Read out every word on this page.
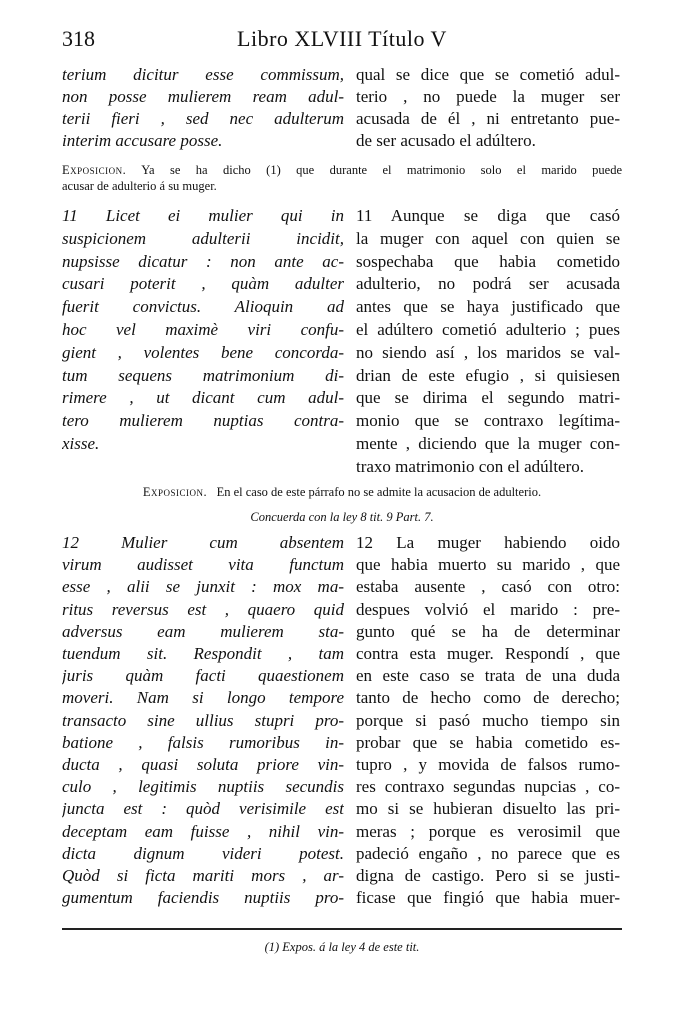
318	Libro XLVIII Título V
terium dicitur esse commissum,
non posse mulierem ream adul-
terii fieri , sed nec adulterum
interim accusare posse.
qual se dice que se cometió adul-
terio , no puede la muger ser
acusada de él , ni entretanto pue-
de ser acusado el adúltero.
Exposicion. Ya se ha dicho (1) que durante el matrimonio solo el marido puede
acusar de adulterio á su muger.
11 Licet ei mulier qui in
suspicionem adulterii incidit,
nupsisse dicatur : non ante ac-
cusari poterit , quàm adulter
fuerit convictus. Alioquin ad
hoc vel maximè viri confu-
gient , volentes bene concorda-
tum sequens matrimonium di-
rimere , ut dicant cum adul-
tero mulierem nuptias contra-
xisse.
11 Aunque se diga que casó
la muger con aquel con quien se
sospechaba que habia cometido
adulterio, no podrá ser acusada
antes que se haya justificado que
el adúltero cometió adulterio ; pues
no siendo así , los maridos se val-
drian de este efugio , si quisiesen
que se dirima el segundo matri-
monio que se contraxo legítima-
mente , diciendo que la muger con-
traxo matrimonio con el adúltero.
Exposicion. En el caso de este párrafo no se admite la acusacion de adulterio.
Concuerda con la ley 8 tit. 9 Part. 7.
12 Mulier cum absentem
virum audisset vita functum
esse , alii se junxit : mox ma-
ritus reversus est , quaero quid
adversus eam mulierem sta-
tuendum sit. Respondit , tam
juris quàm facti quaestionem
moveri. Nam si longo tempore
transacto sine ullius stupri pro-
batione , falsis rumoribus in-
ducta , quasi soluta priore vin-
culo , legitimis nuptiis secundis
juncta est : quòd verisimile est
deceptam eam fuisse , nihil vin-
dicta dignum videri potest.
Quòd si ficta mariti mors , ar-
gumentum faciendis nuptiis pro-
12 La muger habiendo oido
que habia muerto su marido , que
estaba ausente , casó con otro:
despues volvió el marido : pre-
gunto qué se ha de determinar
contra esta muger. Respondí , que
en este caso se trata de una duda
tanto de hecho como de derecho;
porque si pasó mucho tiempo sin
probar que se habia cometido es-
tupro , y movida de falsos rumo-
res contraxo segundas nupcias , co-
mo si se hubieran disuelto las pri-
meras ; porque es verosimil que
padeció engaño , no parece que es
digna de castigo. Pero si se justi-
ficase que fingió que habia muer-
(1) Expos. á la ley 4 de este tit.
